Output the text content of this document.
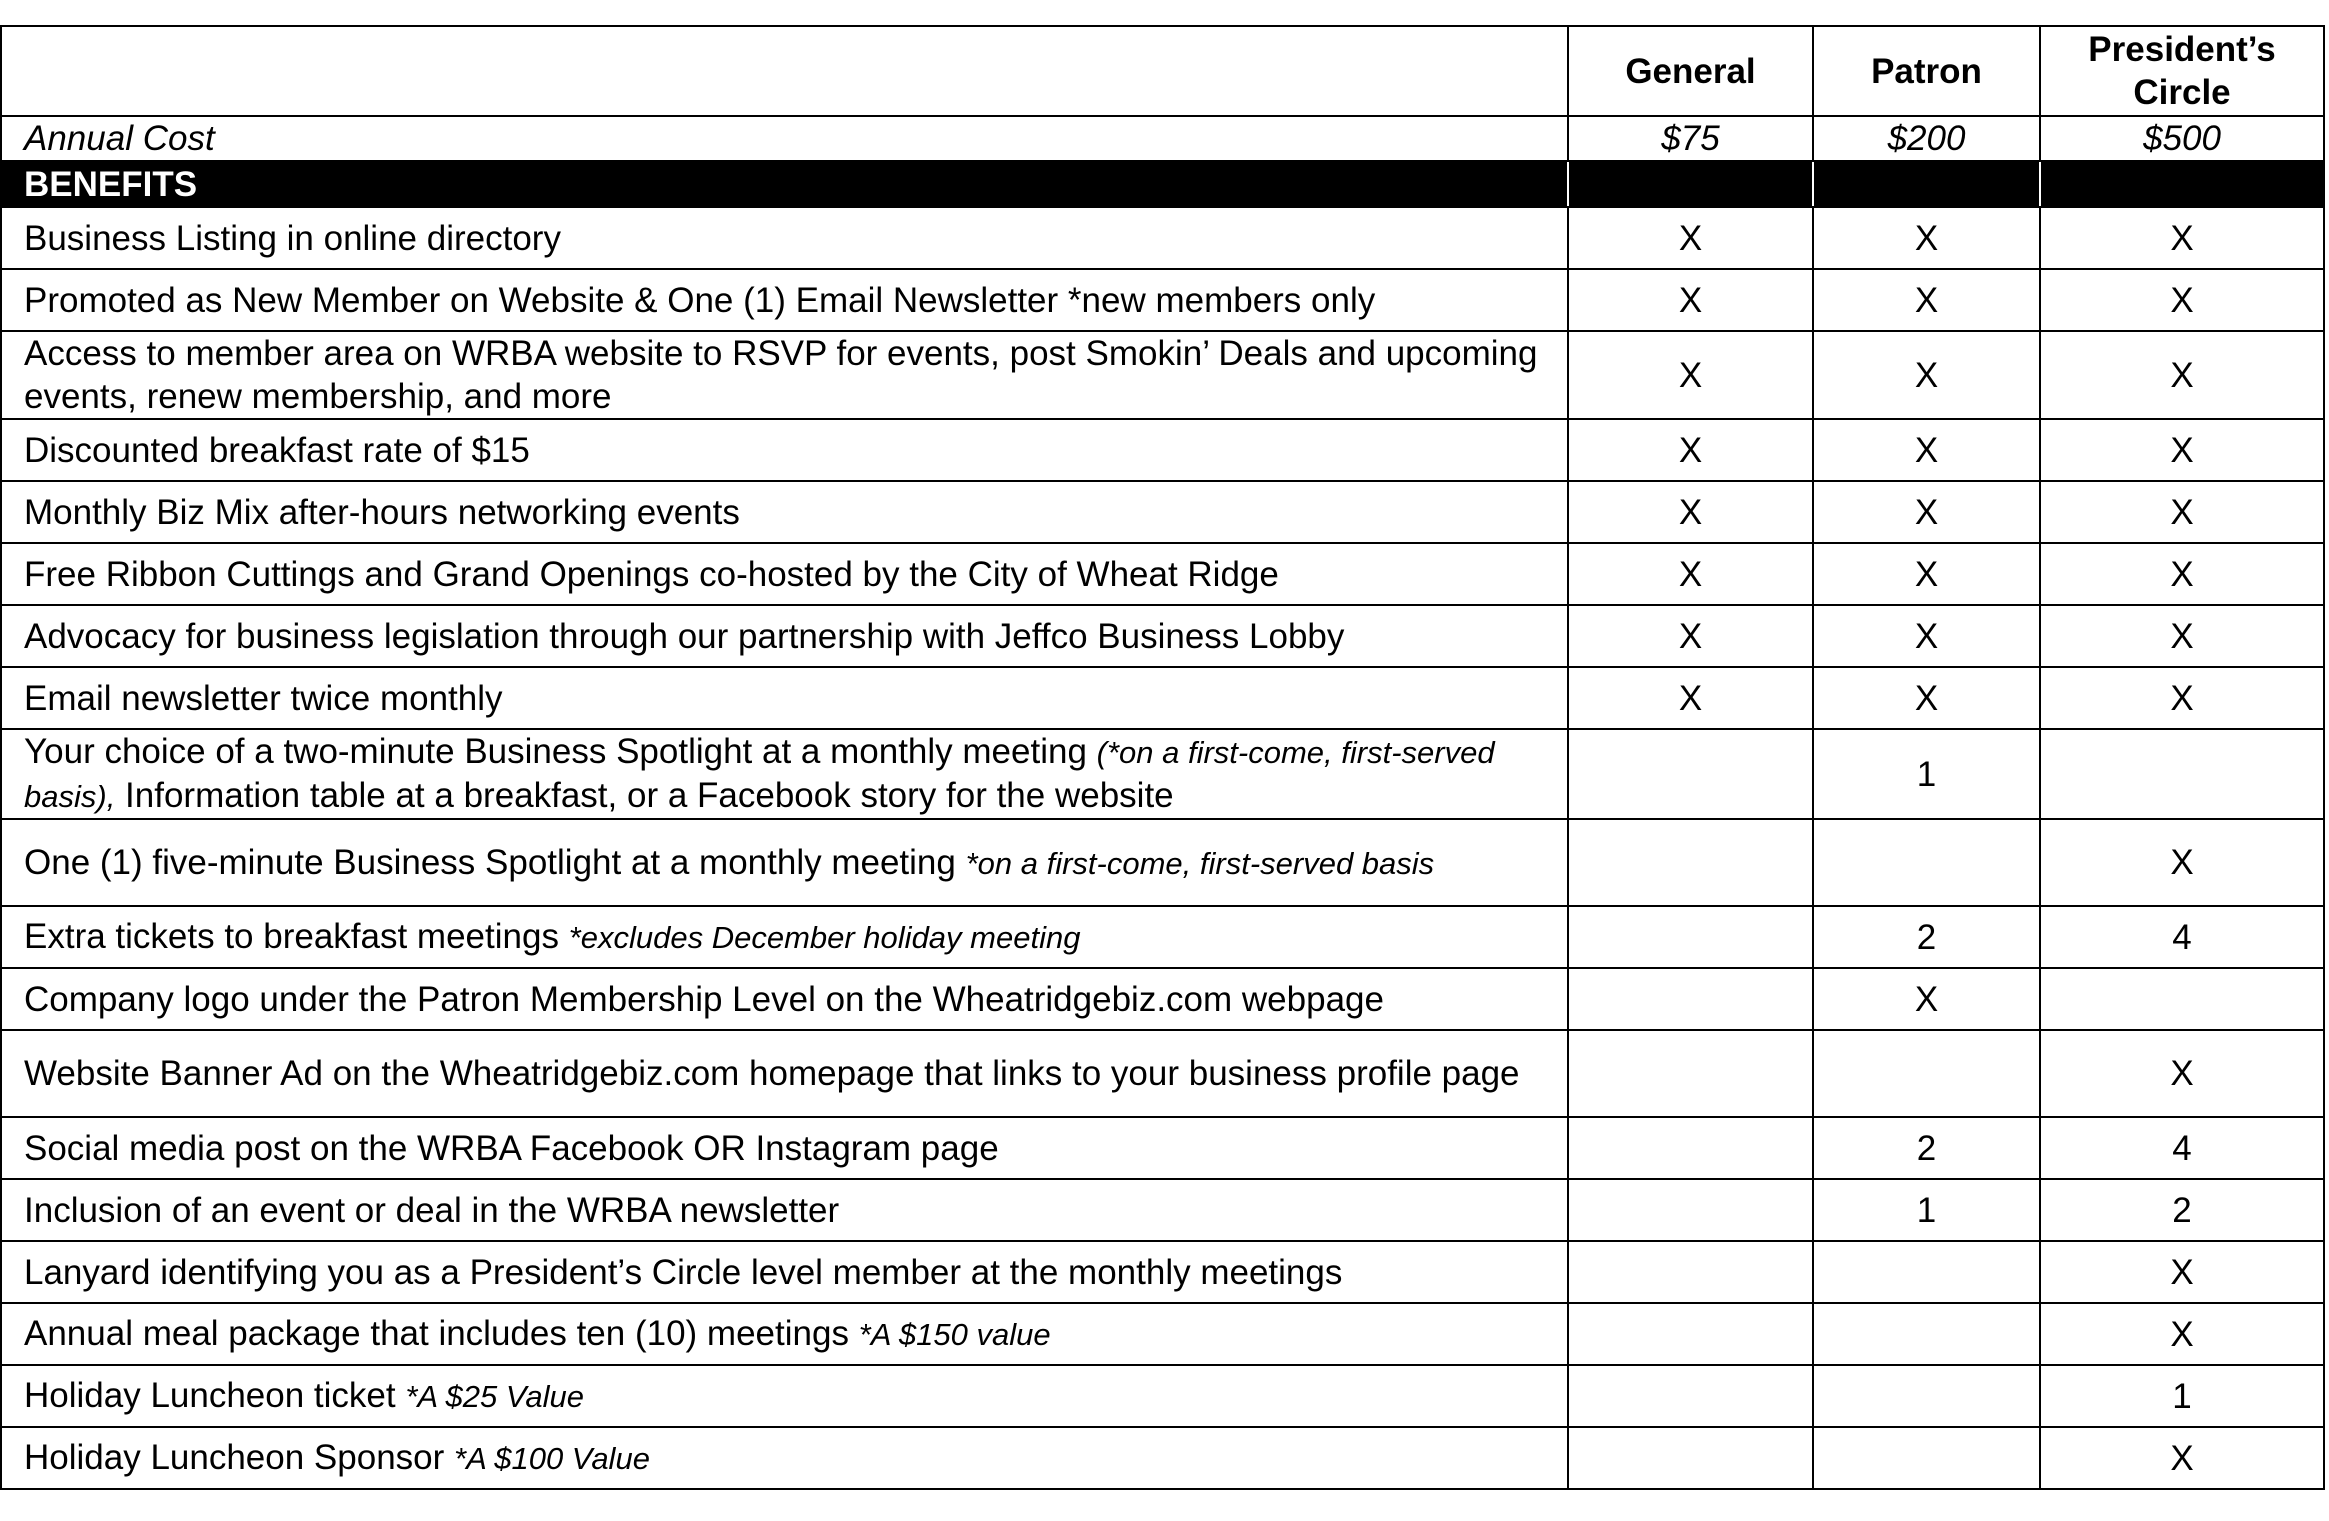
	General	Patron	President’s Circle
Annual Cost	$75	$200	$500
BENEFITS			
Business Listing in online directory	X	X	X
Promoted as New Member on Website & One (1) Email Newsletter *new members only	X	X	X
Access to member area on WRBA website to RSVP for events, post Smokin’ Deals and upcoming events, renew membership, and more	X	X	X
Discounted breakfast rate of $15	X	X	X
Monthly Biz Mix after-hours networking events	X	X	X
Free Ribbon Cuttings and Grand Openings co-hosted by the City of Wheat Ridge	X	X	X
Advocacy for business legislation through our partnership with Jeffco Business Lobby	X	X	X
Email newsletter twice monthly	X	X	X
Your choice of a two-minute Business Spotlight at a monthly meeting (*on a first-come, first-served basis), Information table at a breakfast, or a Facebook story for the website		1	
One (1) five-minute Business Spotlight at a monthly meeting *on a first-come, first-served basis			X
Extra tickets to breakfast meetings *excludes December holiday meeting		2	4
Company logo under the Patron Membership Level on the Wheatridgebiz.com webpage		X	
Website Banner Ad on the Wheatridgebiz.com homepage that links to your business profile page			X
Social media post on the WRBA Facebook OR Instagram page		2	4
Inclusion of an event or deal in the WRBA newsletter		1	2
Lanyard identifying you as a President’s Circle level member at the monthly meetings			X
Annual meal package that includes ten (10) meetings *A $150 value			X
Holiday Luncheon ticket *A $25 Value			1
Holiday Luncheon Sponsor *A $100 Value			X
